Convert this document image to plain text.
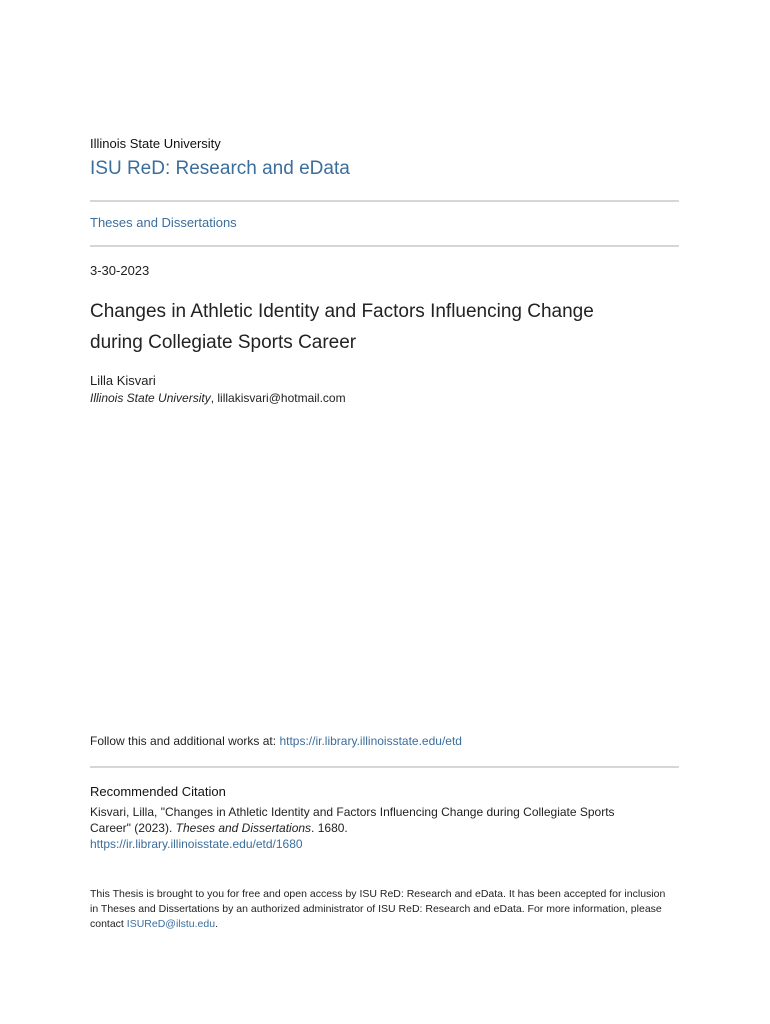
Illinois State University
ISU ReD: Research and eData
Theses and Dissertations
3-30-2023
Changes in Athletic Identity and Factors Influencing Change
during Collegiate Sports Career
Lilla Kisvari
Illinois State University, lillakisvari@hotmail.com
Follow this and additional works at: https://ir.library.illinoisstate.edu/etd
Recommended Citation
Kisvari, Lilla, "Changes in Athletic Identity and Factors Influencing Change during Collegiate Sports Career" (2023). Theses and Dissertations. 1680.
https://ir.library.illinoisstate.edu/etd/1680
This Thesis is brought to you for free and open access by ISU ReD: Research and eData. It has been accepted for inclusion in Theses and Dissertations by an authorized administrator of ISU ReD: Research and eData. For more information, please contact ISUReD@ilstu.edu.
